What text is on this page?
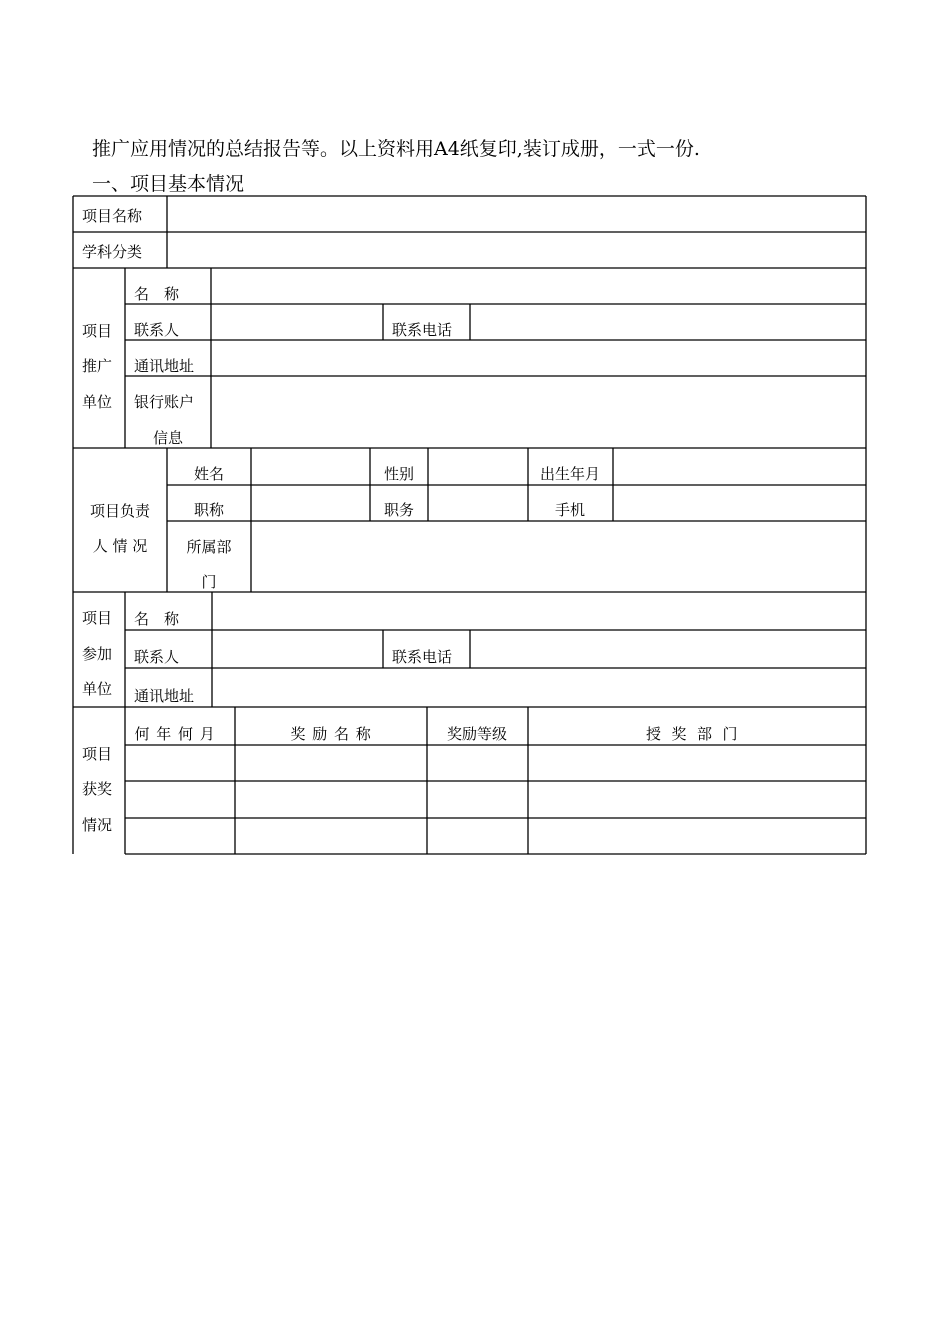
推广应用情况的总结报告等。以上资料用A4纸复印,装订成册，一式一份.
一、项目基本情况
项目名称
学科分类
项目
推广
单位
名　称
联系人	联系电话
通讯地址
银行账户
信息
项目负责
人 情 况
姓名	性别	出生年月
职称	职务	手机
所属部
门
项目
参加
单位
名　称
联系人	联系电话
通讯地址
项目
获奖
情况
何年何月	奖励名称	奖励等级	授奖部门
